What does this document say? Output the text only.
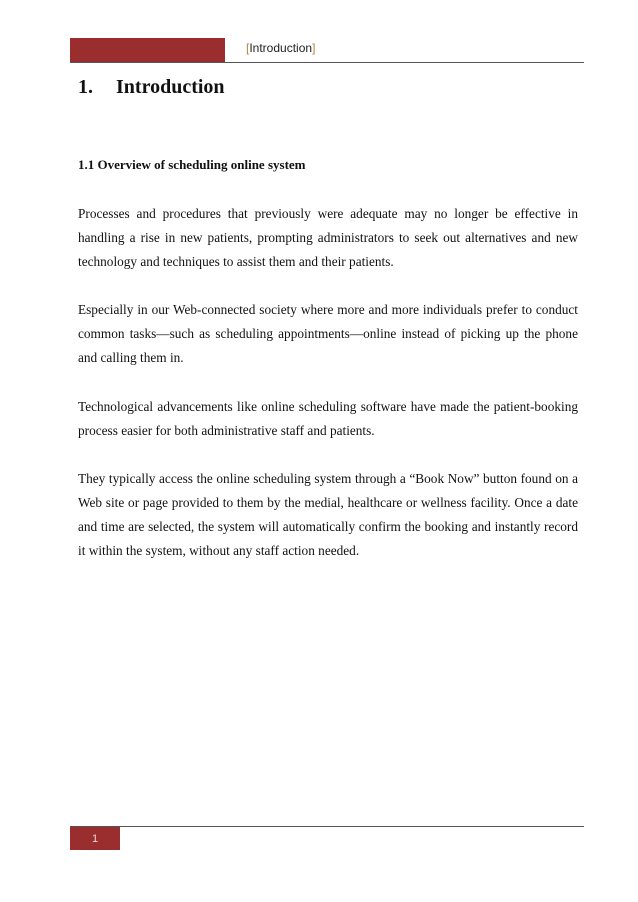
[Introduction]
1. Introduction
1.1 Overview of scheduling online system

Processes and procedures that previously were adequate may no longer be effective in handling a rise in new patients, prompting administrators to seek out alternatives and new technology and techniques to assist them and their patients.

Especially in our Web-connected society where more and more individuals prefer to conduct common tasks—such as scheduling appointments—online instead of picking up the phone and calling them in.

Technological advancements like online scheduling software have made the patient-booking process easier for both administrative staff and patients.

They typically access the online scheduling system through a “Book Now” button found on a Web site or page provided to them by the medial, healthcare or wellness facility. Once a date and time are selected, the system will automatically confirm the booking and instantly record it within the system, without any staff action needed.

1
